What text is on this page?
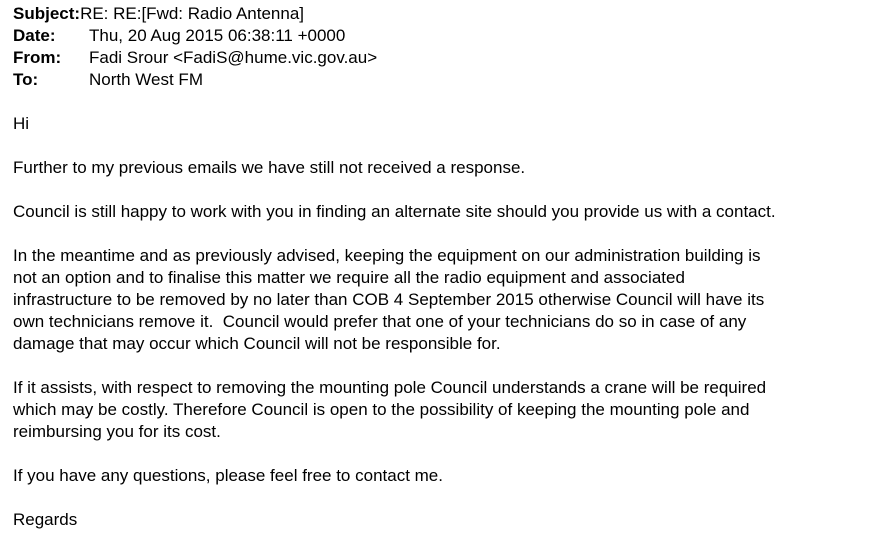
Subject: RE: RE:[Fwd: Radio Antenna]
Date:	Thu, 20 Aug 2015 06:38:11 +0000
From:	Fadi Srour <FadiS@hume.vic.gov.au>
To:	North West FM

Hi

Further to my previous emails we have still not received a response.

Council is still happy to work with you in finding an alternate site should you provide us with a contact.

In the meantime and as previously advised, keeping the equipment on our administration building is
not an option and to finalise this matter we require all the radio equipment and associated
infrastructure to be removed by no later than COB 4 September 2015 otherwise Council will have its
own technicians remove it.  Council would prefer that one of your technicians do so in case of any
damage that may occur which Council will not be responsible for.

If it assists, with respect to removing the mounting pole Council understands a crane will be required
which may be costly. Therefore Council is open to the possibility of keeping the mounting pole and
reimbursing you for its cost.

If you have any questions, please feel free to contact me.

Regards
